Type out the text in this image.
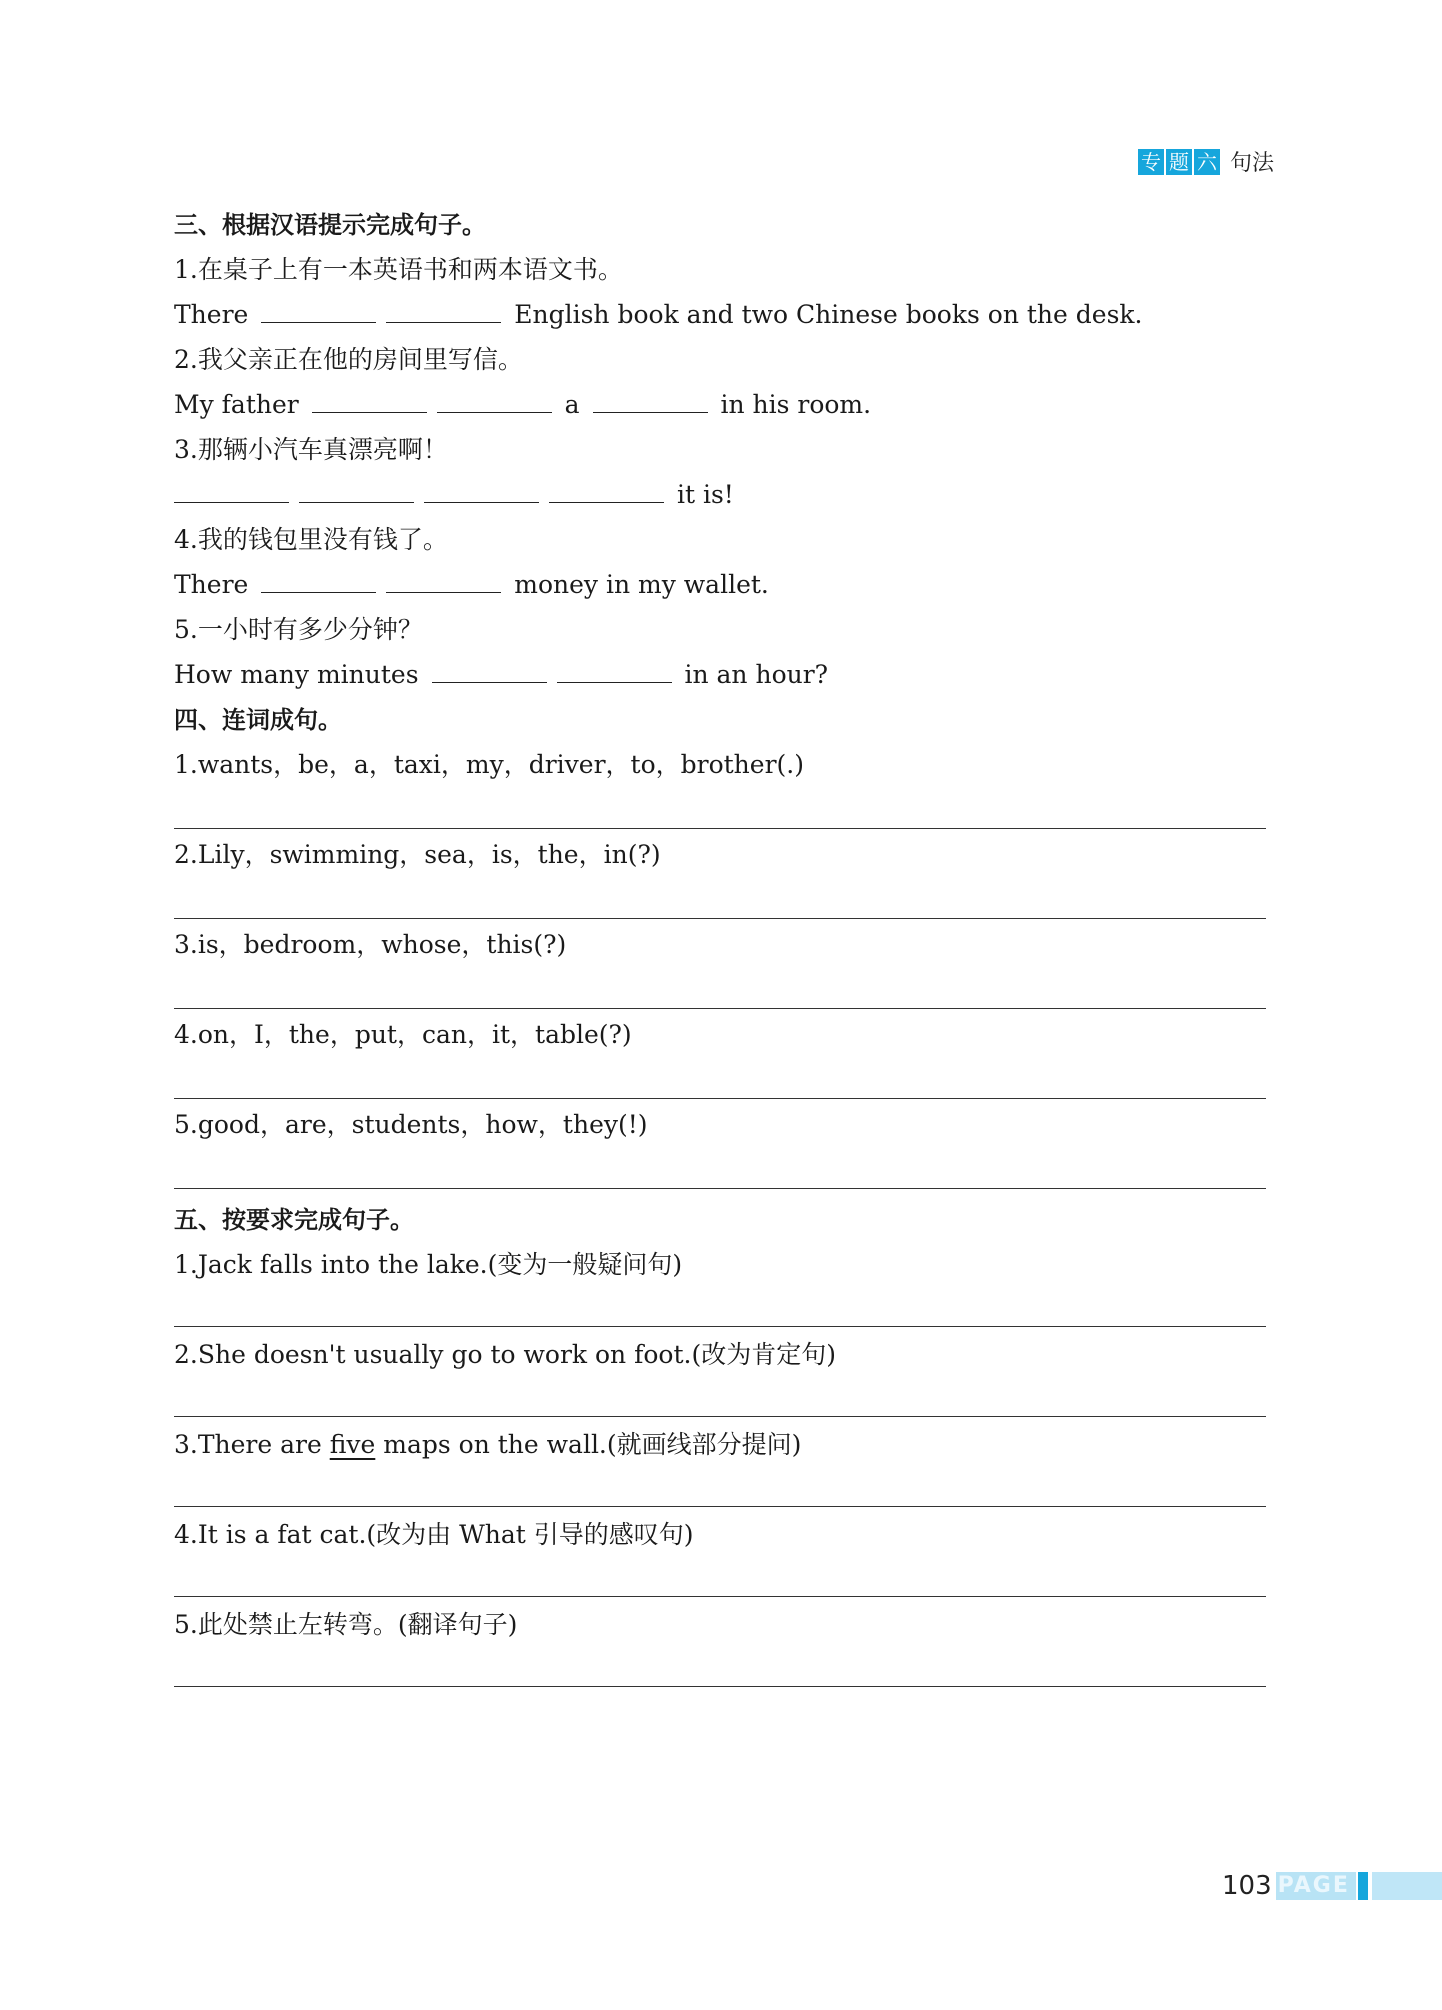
专 题 六 句法
三、根据汉语提示完成句子。
1.在桌子上有一本英语书和两本语文书。
There	English book and two Chinese books on the desk.
2.我父亲正在他的房间里写信。
My father	a	in his room.
3.那辆小汽车真漂亮啊！
it is!
4.我的钱包里没有钱了。
There	money in my wallet.
5.一小时有多少分钟？
How many minutes	in an hour?
四、连词成句。
1.wants，be，a，taxi，my，driver，to，brother(.)
2.Lily，swimming，sea，is，the，in(?)
3.is，bedroom，whose，this(?)
4.on，I，the，put，can，it，table(?)
5.good，are，students，how，they(!)
五、按要求完成句子。
1.Jack falls into the lake.(变为一般疑问句)
2.She doesn't usually go to work on foot.(改为肯定句)
3.There are five maps on the wall.(就画线部分提问)
4.It is a fat cat.(改为由 What 引导的感叹句)
5.此处禁止左转弯。(翻译句子)
103 PAGE
